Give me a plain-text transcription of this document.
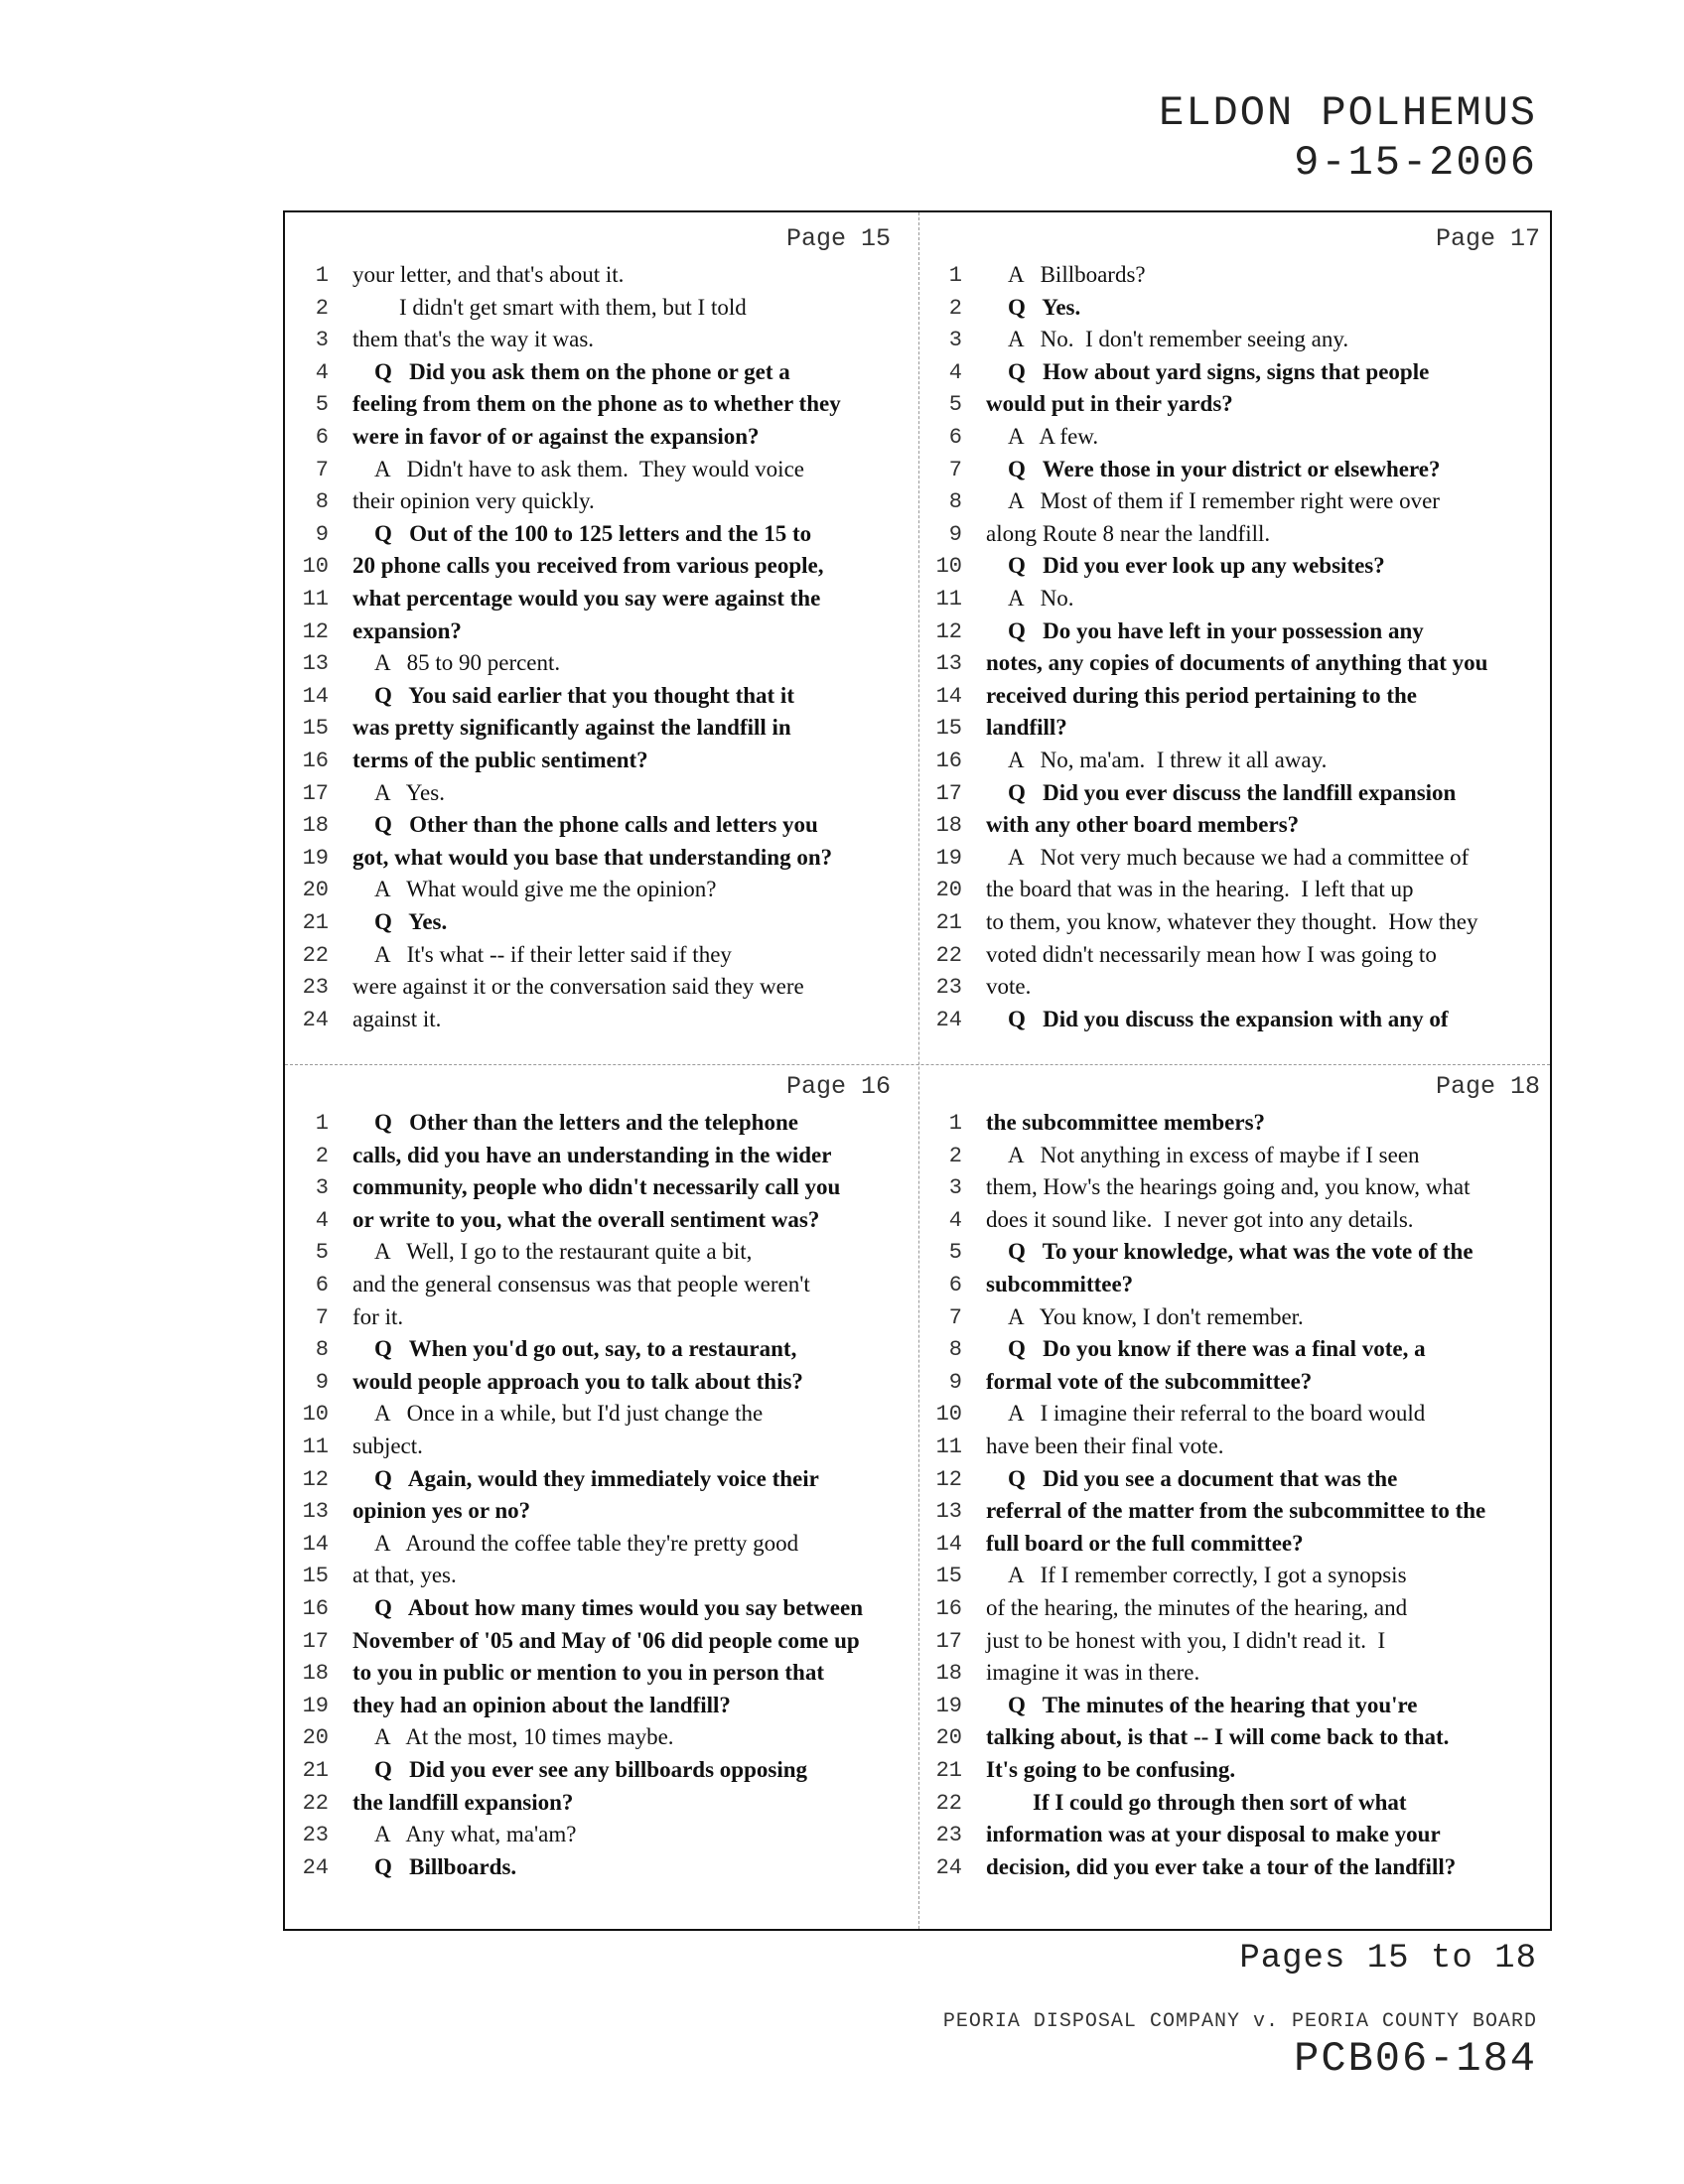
ELDON POLHEMUS
9-15-2006
Page 15	Page 17
Page 16	Page 18
1 your letter, and that's about it.
2	I didn't get smart with them, but I told
3 them that's the way it was.
4 Q   Did you ask them on the phone or get a
5 feeling from them on the phone as to whether they
6 were in favor of or against the expansion?
7 A   Didn't have to ask them.  They would voice
8 their opinion very quickly.
9 Q   Out of the 100 to 125 letters and the 15 to
10 20 phone calls you received from various people,
11 what percentage would you say were against the
12 expansion?
13 A   85 to 90 percent.
14 Q   You said earlier that you thought that it
15 was pretty significantly against the landfill in
16 terms of the public sentiment?
17 A   Yes.
18 Q   Other than the phone calls and letters you
19 got, what would you base that understanding on?
20 A   What would give me the opinion?
21 Q   Yes.
22 A   It's what -- if their letter said if they
23 were against it or the conversation said they were
24 against it.
1 A   Billboards?
2 Q   Yes.
3 A   No.  I don't remember seeing any.
4 Q   How about yard signs, signs that people
5 would put in their yards?
6 A   A few.
7 Q   Were those in your district or elsewhere?
8 A   Most of them if I remember right were over
9 along Route 8 near the landfill.
10 Q   Did you ever look up any websites?
11 A   No.
12 Q   Do you have left in your possession any
13 notes, any copies of documents of anything that you
14 received during this period pertaining to the
15 landfill?
16 A   No, ma'am.  I threw it all away.
17 Q   Did you ever discuss the landfill expansion
18 with any other board members?
19 A   Not very much because we had a committee of
20 the board that was in the hearing.  I left that up
21 to them, you know, whatever they thought.  How they
22 voted didn't necessarily mean how I was going to
23 vote.
24 Q   Did you discuss the expansion with any of
1 Q   Other than the letters and the telephone
2 calls, did you have an understanding in the wider
3 community, people who didn't necessarily call you
4 or write to you, what the overall sentiment was?
5 A   Well, I go to the restaurant quite a bit,
6 and the general consensus was that people weren't
7 for it.
8 Q   When you'd go out, say, to a restaurant,
9 would people approach you to talk about this?
10 A   Once in a while, but I'd just change the
11 subject.
12 Q   Again, would they immediately voice their
13 opinion yes or no?
14 A   Around the coffee table they're pretty good
15 at that, yes.
16 Q   About how many times would you say between
17 November of '05 and May of '06 did people come up
18 to you in public or mention to you in person that
19 they had an opinion about the landfill?
20 A   At the most, 10 times maybe.
21 Q   Did you ever see any billboards opposing
22 the landfill expansion?
23 A   Any what, ma'am?
24 Q   Billboards.
1 the subcommittee members?
2 A   Not anything in excess of maybe if I seen
3 them, How's the hearings going and, you know, what
4 does it sound like.  I never got into any details.
5 Q   To your knowledge, what was the vote of the
6 subcommittee?
7 A   You know, I don't remember.
8 Q   Do you know if there was a final vote, a
9 formal vote of the subcommittee?
10 A   I imagine their referral to the board would
11 have been their final vote.
12 Q   Did you see a document that was the
13 referral of the matter from the subcommittee to the
14 full board or the full committee?
15 A   If I remember correctly, I got a synopsis
16 of the hearing, the minutes of the hearing, and
17 just to be honest with you, I didn't read it.  I
18 imagine it was in there.
19 Q   The minutes of the hearing that you're
20 talking about, is that -- I will come back to that.
21 It's going to be confusing.
22	If I could go through then sort of what
23 information was at your disposal to make your
24 decision, did you ever take a tour of the landfill?
Pages 15 to 18
PEORIA DISPOSAL COMPANY v. PEORIA COUNTY BOARD
PCB06-184
